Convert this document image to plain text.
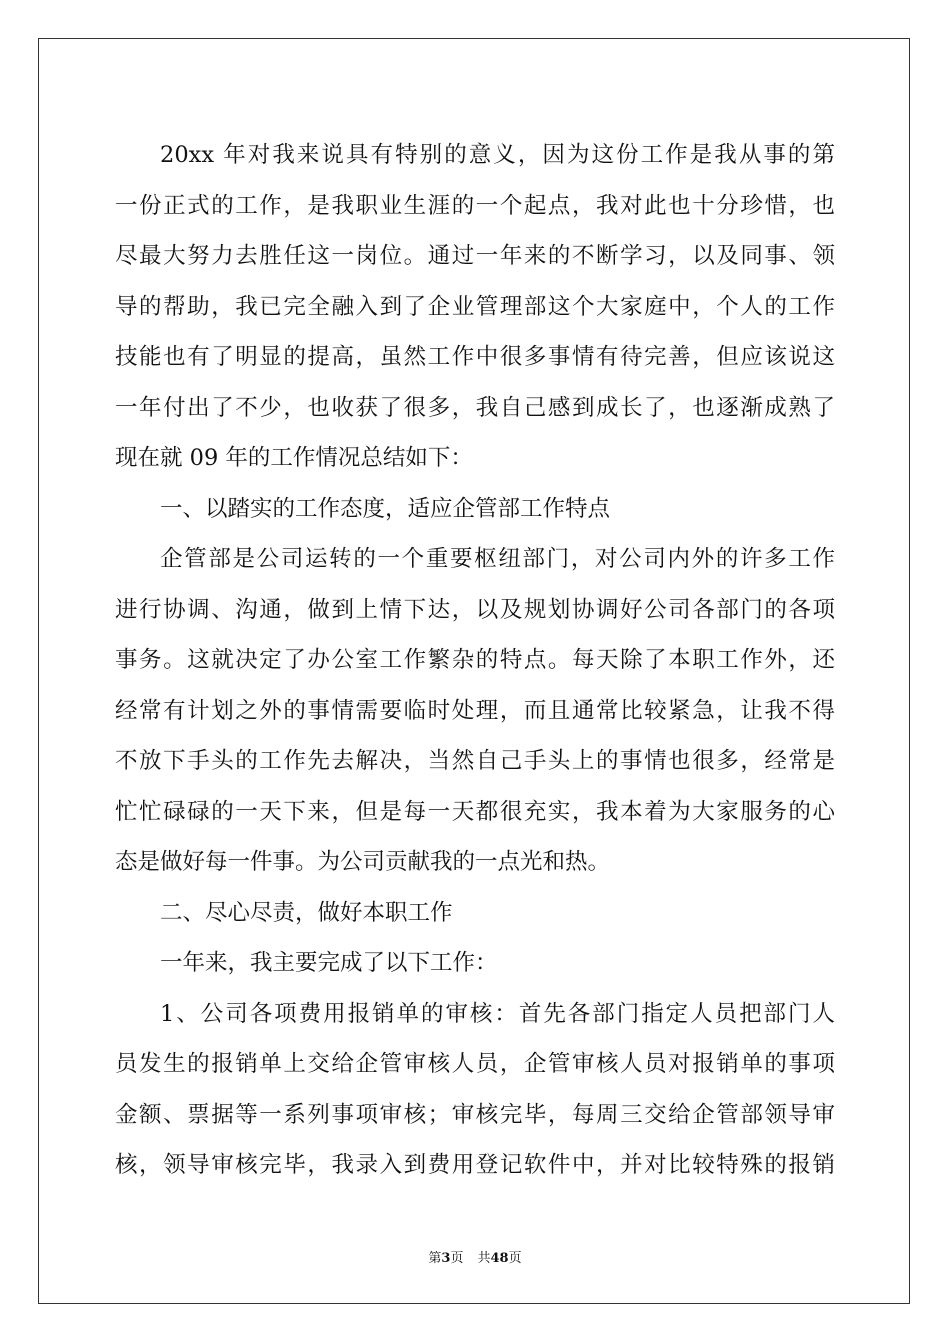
20xx 年对我来说具有特别的意义，因为这份工作是我从事的第
一份正式的工作，是我职业生涯的一个起点，我对此也十分珍惜，也
尽最大努力去胜任这一岗位。通过一年来的不断学习，以及同事、领
导的帮助，我已完全融入到了企业管理部这个大家庭中，个人的工作
技能也有了明显的提高，虽然工作中很多事情有待完善，但应该说这
一年付出了不少，也收获了很多，我自己感到成长了，也逐渐成熟了
现在就 09 年的工作情况总结如下：
一、以踏实的工作态度，适应企管部工作特点
企管部是公司运转的一个重要枢纽部门，对公司内外的许多工作
进行协调、沟通，做到上情下达，以及规划协调好公司各部门的各项
事务。这就决定了办公室工作繁杂的特点。每天除了本职工作外，还
经常有计划之外的事情需要临时处理，而且通常比较紧急，让我不得
不放下手头的工作先去解决，当然自己手头上的事情也很多，经常是
忙忙碌碌的一天下来，但是每一天都很充实，我本着为大家服务的心
态是做好每一件事。为公司贡献我的一点光和热。
二、尽心尽责，做好本职工作
一年来，我主要完成了以下工作：
1、公司各项费用报销单的审核：首先各部门指定人员把部门人
员发生的报销单上交给企管审核人员，企管审核人员对报销单的事项
金额、票据等一系列事项审核；审核完毕，每周三交给企管部领导审
核，领导审核完毕，我录入到费用登记软件中，并对比较特殊的报销
第3页 共48页
